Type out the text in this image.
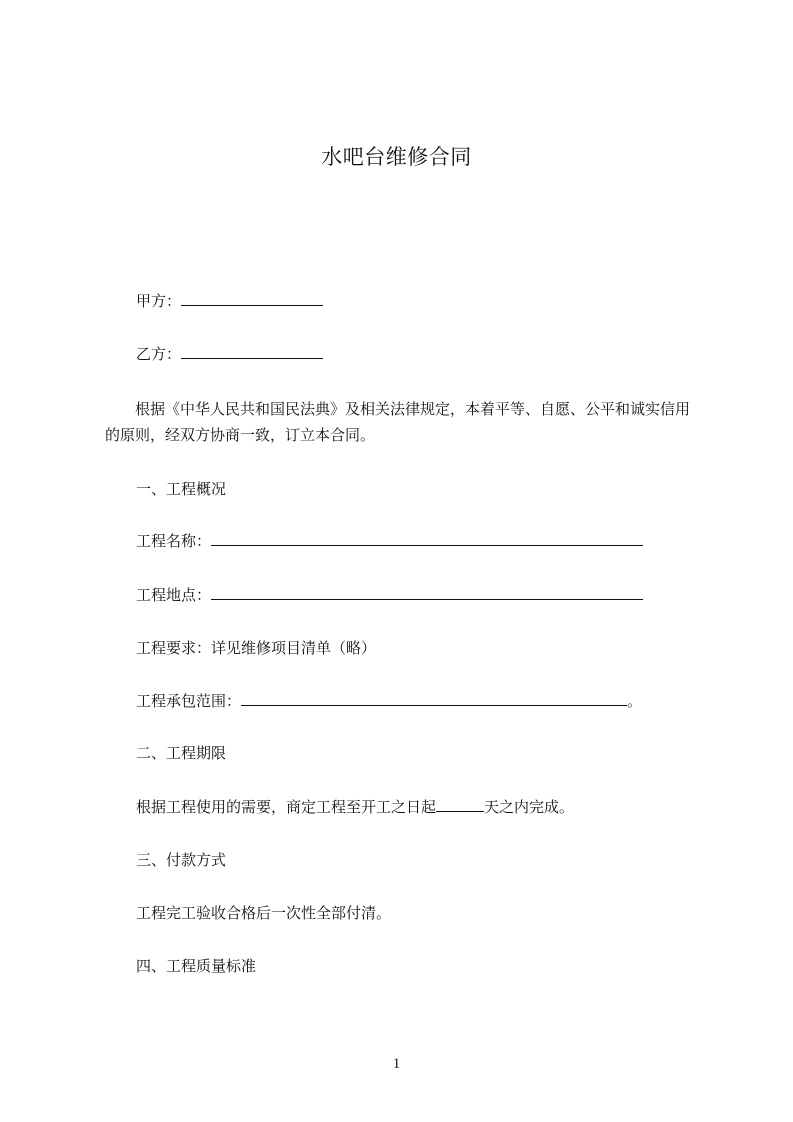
水吧台维修合同
甲方：
乙方：
根据《中华人民共和国民法典》及相关法律规定，本着平等、自愿、公平和诚实信用的原则，经双方协商一致，订立本合同。
一、工程概况
工程名称：
工程地点：
工程要求：详见维修项目清单（略）
工程承包范围：	。
二、工程期限
根据工程使用的需要，商定工程至开工之日起	天之内完成。
三、付款方式
工程完工验收合格后一次性全部付清。
四、工程质量标准
1
